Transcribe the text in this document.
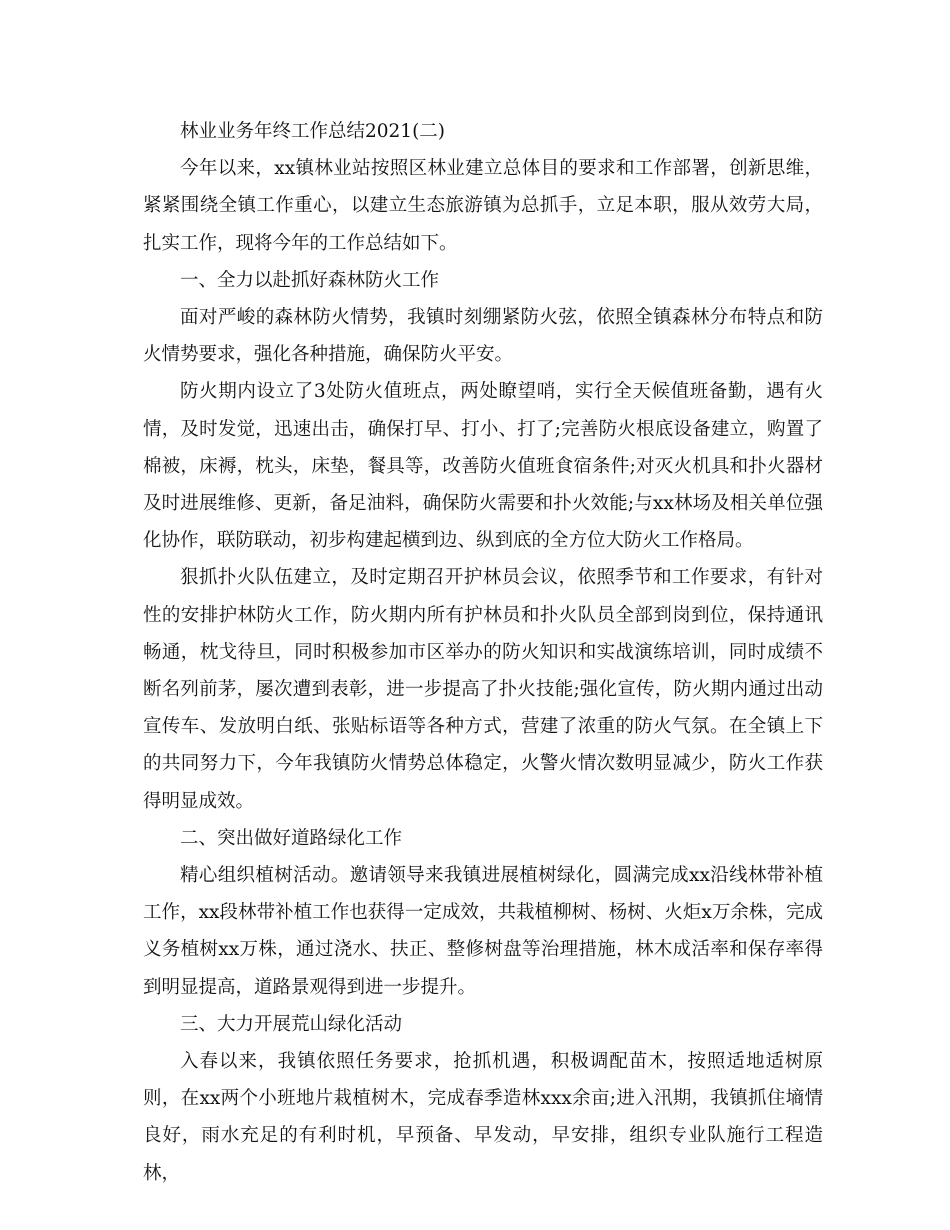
林业业务年终工作总结2021(二)

今年以来，xx镇林业站按照区林业建立总体目的要求和工作部署，创新思维，紧紧围绕全镇工作重心，以建立生态旅游镇为总抓手，立足本职，服从效劳大局，扎实工作，现将今年的工作总结如下。

一、全力以赴抓好森林防火工作

面对严峻的森林防火情势，我镇时刻绷紧防火弦，依照全镇森林分布特点和防火情势要求，强化各种措施，确保防火平安。

防火期内设立了3处防火值班点，两处瞭望哨，实行全天候值班备勤，遇有火情，及时发觉，迅速出击，确保打早、打小、打了;完善防火根底设备建立，购置了棉被，床褥，枕头，床垫，餐具等，改善防火值班食宿条件;对灭火机具和扑火器材及时进展维修、更新，备足油料，确保防火需要和扑火效能;与xx林场及相关单位强化协作，联防联动，初步构建起横到边、纵到底的全方位大防火工作格局。

狠抓扑火队伍建立，及时定期召开护林员会议，依照季节和工作要求，有针对性的安排护林防火工作，防火期内所有护林员和扑火队员全部到岗到位，保持通讯畅通，枕戈待旦，同时积极参加市区举办的防火知识和实战演练培训，同时成绩不断名列前茅，屡次遭到表彰，进一步提高了扑火技能;强化宣传，防火期内通过出动宣传车、发放明白纸、张贴标语等各种方式，营建了浓重的防火气氛。在全镇上下的共同努力下，今年我镇防火情势总体稳定，火警火情次数明显减少，防火工作获得明显成效。

二、突出做好道路绿化工作

精心组织植树活动。邀请领导来我镇进展植树绿化，圆满完成xx沿线林带补植工作，xx段林带补植工作也获得一定成效，共栽植柳树、杨树、火炬x万余株，完成义务植树xx万株，通过浇水、扶正、整修树盘等治理措施，林木成活率和保存率得到明显提高，道路景观得到进一步提升。

三、大力开展荒山绿化活动

入春以来，我镇依照任务要求，抢抓机遇，积极调配苗木，按照适地适树原则，在xx两个小班地片栽植树木，完成春季造林xxx余亩;进入汛期，我镇抓住墒情良好，雨水充足的有利时机，早预备、早发动，早安排，组织专业队施行工程造林，
